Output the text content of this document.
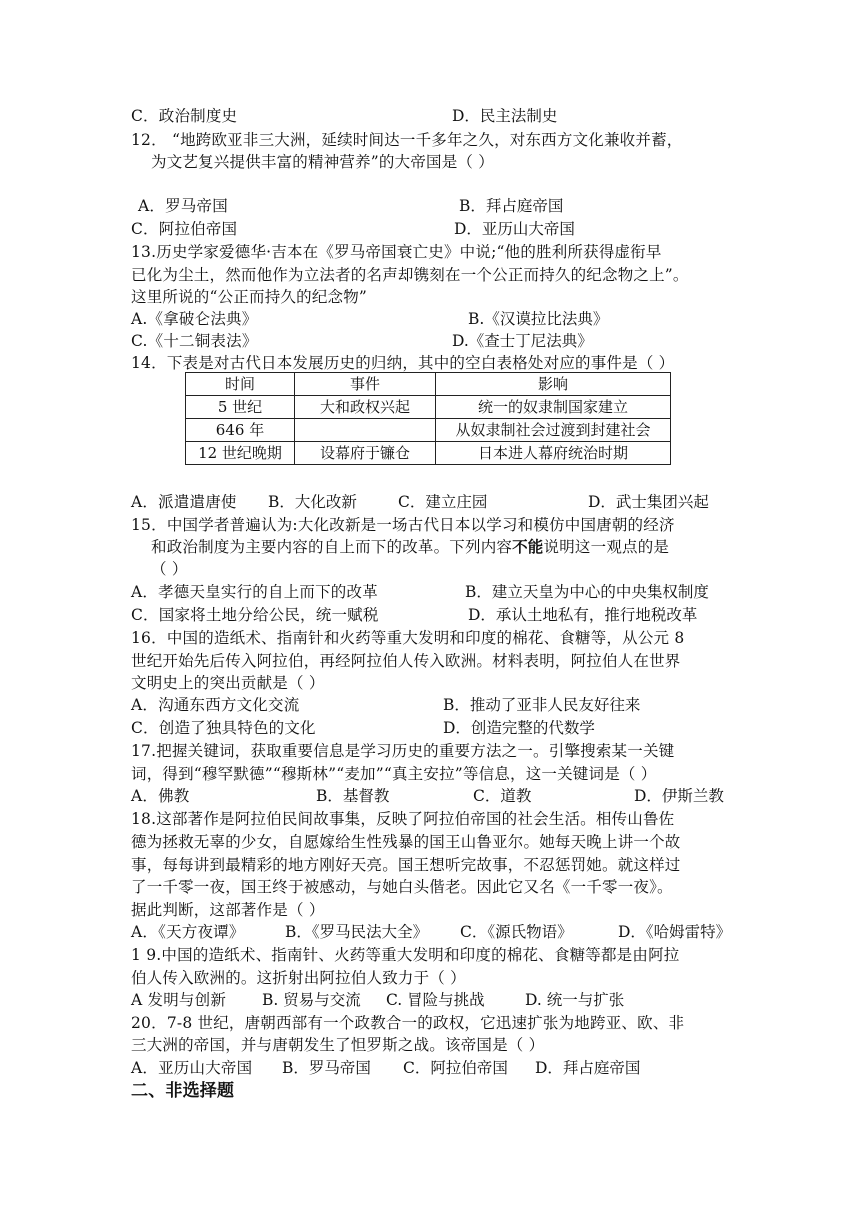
C．政治制度史	D．民主法制史
12． “地跨欧亚非三大洲，延续时间达一千多年之久，对东西方文化兼收并蓄，
为文艺复兴提供丰富的精神营养”的大帝国是（ ）
A．罗马帝国	B．拜占庭帝国
C．阿拉伯帝国	D．亚历山大帝国
13.历史学家爱德华·吉本在《罗马帝国衰亡史》中说;“他的胜利所获得虚衔早
已化为尘土，然而他作为立法者的名声却镌刻在一个公正而持久的纪念物之上”。
这里所说的“公正而持久的纪念物”
A.《拿破仑法典》	B.《汉谟拉比法典》
C.《十二铜表法》	D.《查士丁尼法典》
14．下表是对古代日本发展历史的归纳，其中的空白表格处对应的事件是（ ）
时间	事件	影响
5 世纪	大和政权兴起	统一的奴隶制国家建立
646 年		从奴隶制社会过渡到封建社会
12 世纪晚期	设幕府于镰仓	日本进人幕府统治时期
A．派遣遣唐使 B．大化改新	C．建立庄园	D．武士集团兴起
15．中国学者普遍认为:大化改新是一场古代日本以学习和模仿中国唐朝的经济
和政治制度为主要内容的自上而下的改革。下列内容不能说明这一观点的是
（ ）
A．孝德天皇实行的自上而下的改革	B．建立天皇为中心的中央集权制度
C．国家将土地分给公民，统一赋税	D．承认土地私有，推行地税改革
16．中国的造纸术、指南针和火药等重大发明和印度的棉花、食糖等，从公元 8
世纪开始先后传入阿拉伯，再经阿拉伯人传入欧洲。材料表明，阿拉伯人在世界
文明史上的突出贡献是（ ）
A．沟通东西方文化交流	B．推动了亚非人民友好往来
C．创造了独具特色的文化	D．创造完整的代数学
17.把握关键词，获取重要信息是学习历史的重要方法之一。引擎搜索某一关键
词，得到“穆罕默德”“穆斯林”“麦加”“真主安拉”等信息，这一关键词是（ ）
A．佛教	B．基督教	C．道教	D．伊斯兰教
18.这部著作是阿拉伯民间故事集，反映了阿拉伯帝国的社会生活。相传山鲁佐
德为拯救无辜的少女，自愿嫁给生性残暴的国王山鲁亚尔。她每天晚上讲一个故
事，每每讲到最精彩的地方刚好天亮。国王想听完故事，不忍惩罚她。就这样过
了一千零一夜，国王终于被感动，与她白头偕老。因此它又名《一千零一夜》。
据此判断，这部著作是（ ）
A．《天方夜谭》	B．《罗马民法大全》 C．《源氏物语》	D．《哈姆雷特》
1 9.中国的造纸术、指南针、火药等重大发明和印度的棉花、食糖等都是由阿拉
伯人传入欧洲的。这折射出阿拉伯人致力于（ ）
A 发明与创新 B. 贸易与交流 C. 冒险与挑战	D. 统一与扩张
20．7-8 世纪，唐朝西部有一个政教合一的政权，它迅速扩张为地跨亚、欧、非
三大洲的帝国，并与唐朝发生了怛罗斯之战。该帝国是（ ）
A．亚历山大帝国 B．罗马帝国 C．阿拉伯帝国 D．拜占庭帝国
二、非选择题
